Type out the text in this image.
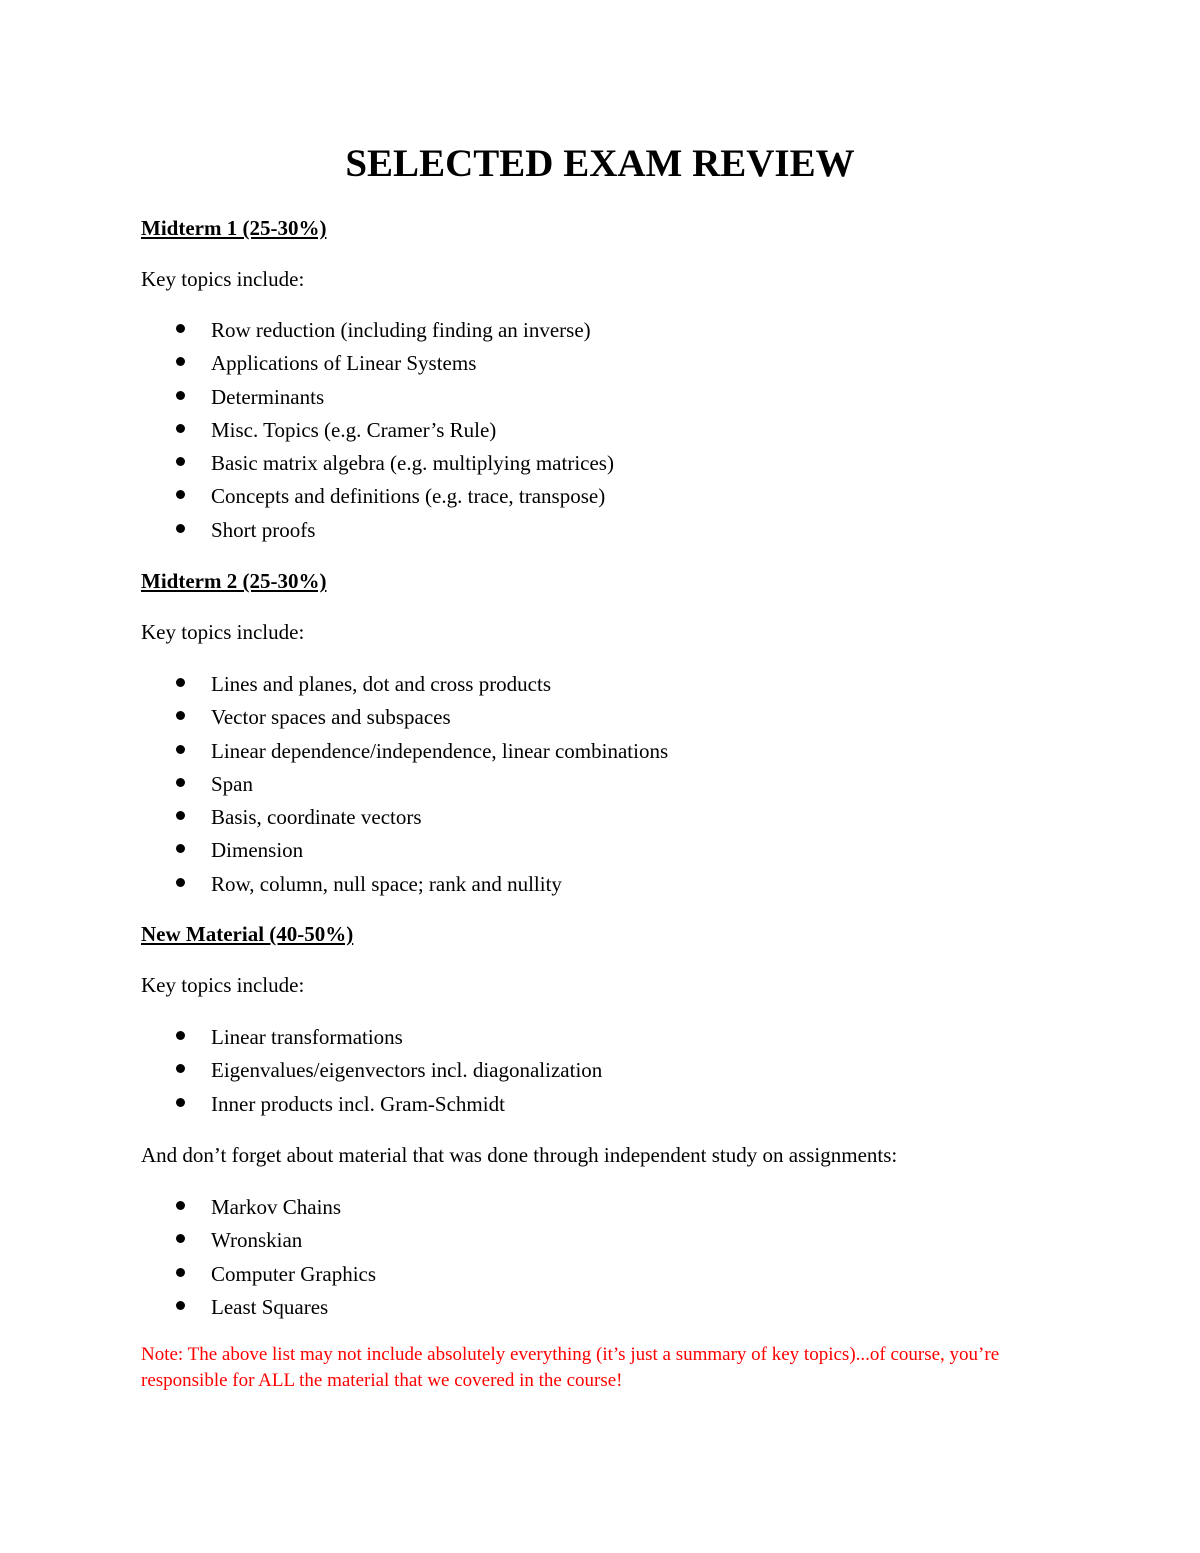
SELECTED EXAM REVIEW

Midterm 1 (25-30%)

Key topics include:

Row reduction (including finding an inverse)
Applications of Linear Systems
Determinants
Misc. Topics (e.g. Cramer’s Rule)
Basic matrix algebra (e.g. multiplying matrices)
Concepts and definitions (e.g. trace, transpose)
Short proofs

Midterm 2 (25-30%)

Key topics include:

Lines and planes, dot and cross products
Vector spaces and subspaces
Linear dependence/independence, linear combinations
Span
Basis, coordinate vectors
Dimension
Row, column, null space; rank and nullity

New Material (40-50%)

Key topics include:

Linear transformations
Eigenvalues/eigenvectors incl. diagonalization
Inner products incl. Gram-Schmidt

And don’t forget about material that was done through independent study on assignments:

Markov Chains
Wronskian
Computer Graphics
Least Squares

Note: The above list may not include absolutely everything (it’s just a summary of key topics)...of course, you’re responsible for ALL the material that we covered in the course!
